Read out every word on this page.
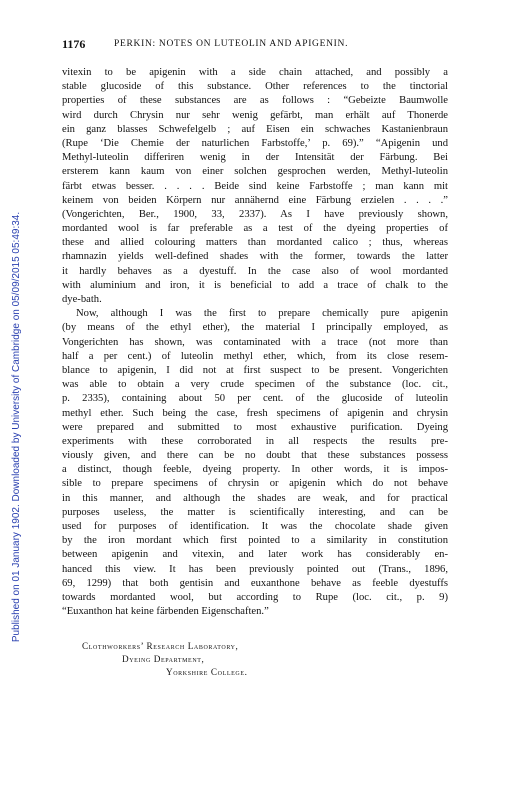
Published on 01 January 1902. Downloaded by University of Cambridge on 05/09/2015 05:49:34.
1176	PERKIN: NOTES ON LUTEOLIN AND APIGENIN.
vitexin to be apigenin with a side chain attached, and possibly a
stable glucoside of this substance. Other references to the tinctorial
properties of these substances are as follows : “Gebeizte Baumwolle
wird durch Chrysin nur sehr wenig gefärbt, man erhält auf Thonerde
ein ganz blasses Schwefelgelb ; auf Eisen ein schwaches Kastanienbraun
(Rupe ‘Die Chemie der naturlichen Farbstoffe,’ p. 69).” “Apigenin und
Methyl-luteolin differiren wenig in der Intensität der Färbung. Bei
ersterem kann kaum von einer solchen gesprochen werden, Methyl-luteolin
färbt etwas besser. . . . . Beide sind keine Farbstoffe ; man kann mit
keinem von beiden Körpern nur annähernd eine Färbung erzielen . . . .”
(Vongerichten, Ber., 1900, 33, 2337). As I have previously shown,
mordanted wool is far preferable as a test of the dyeing properties of
these and allied colouring matters than mordanted calico ; thus, whereas
rhamnazin yields well-defined shades with the former, towards the latter
it hardly behaves as a dyestuff. In the case also of wool mordanted
with aluminium and iron, it is beneficial to add a trace of chalk to the
dye-bath.
Now, although I was the first to prepare chemically pure apigenin
(by means of the ethyl ether), the material I principally employed, as
Vongerichten has shown, was contaminated with a trace (not more than
half a per cent.) of luteolin methyl ether, which, from its close resem-
blance to apigenin, I did not at first suspect to be present. Vongerichten
was able to obtain a very crude specimen of the substance (loc. cit.,
p. 2335), containing about 50 per cent. of the glucoside of luteolin
methyl ether. Such being the case, fresh specimens of apigenin and chrysin
were prepared and submitted to most exhaustive purification. Dyeing
experiments with these corroborated in all respects the results pre-
viously given, and there can be no doubt that these substances possess
a distinct, though feeble, dyeing property. In other words, it is impos-
sible to prepare specimens of chrysin or apigenin which do not behave
in this manner, and although the shades are weak, and for practical
purposes useless, the matter is scientifically interesting, and can be
used for purposes of identification. It was the chocolate shade given
by the iron mordant which first pointed to a similarity in constitution
between apigenin and vitexin, and later work has considerably en-
hanced this view. It has been previously pointed out (Trans., 1896,
69, 1299) that both gentisin and euxanthone behave as feeble dyestuffs
towards mordanted wool, but according to Rupe (loc. cit., p. 9)
“Euxanthon hat keine färbenden Eigenschaften.”
Clothworkers’ Research Laboratory,
Dyeing Department,
Yorkshire College.
